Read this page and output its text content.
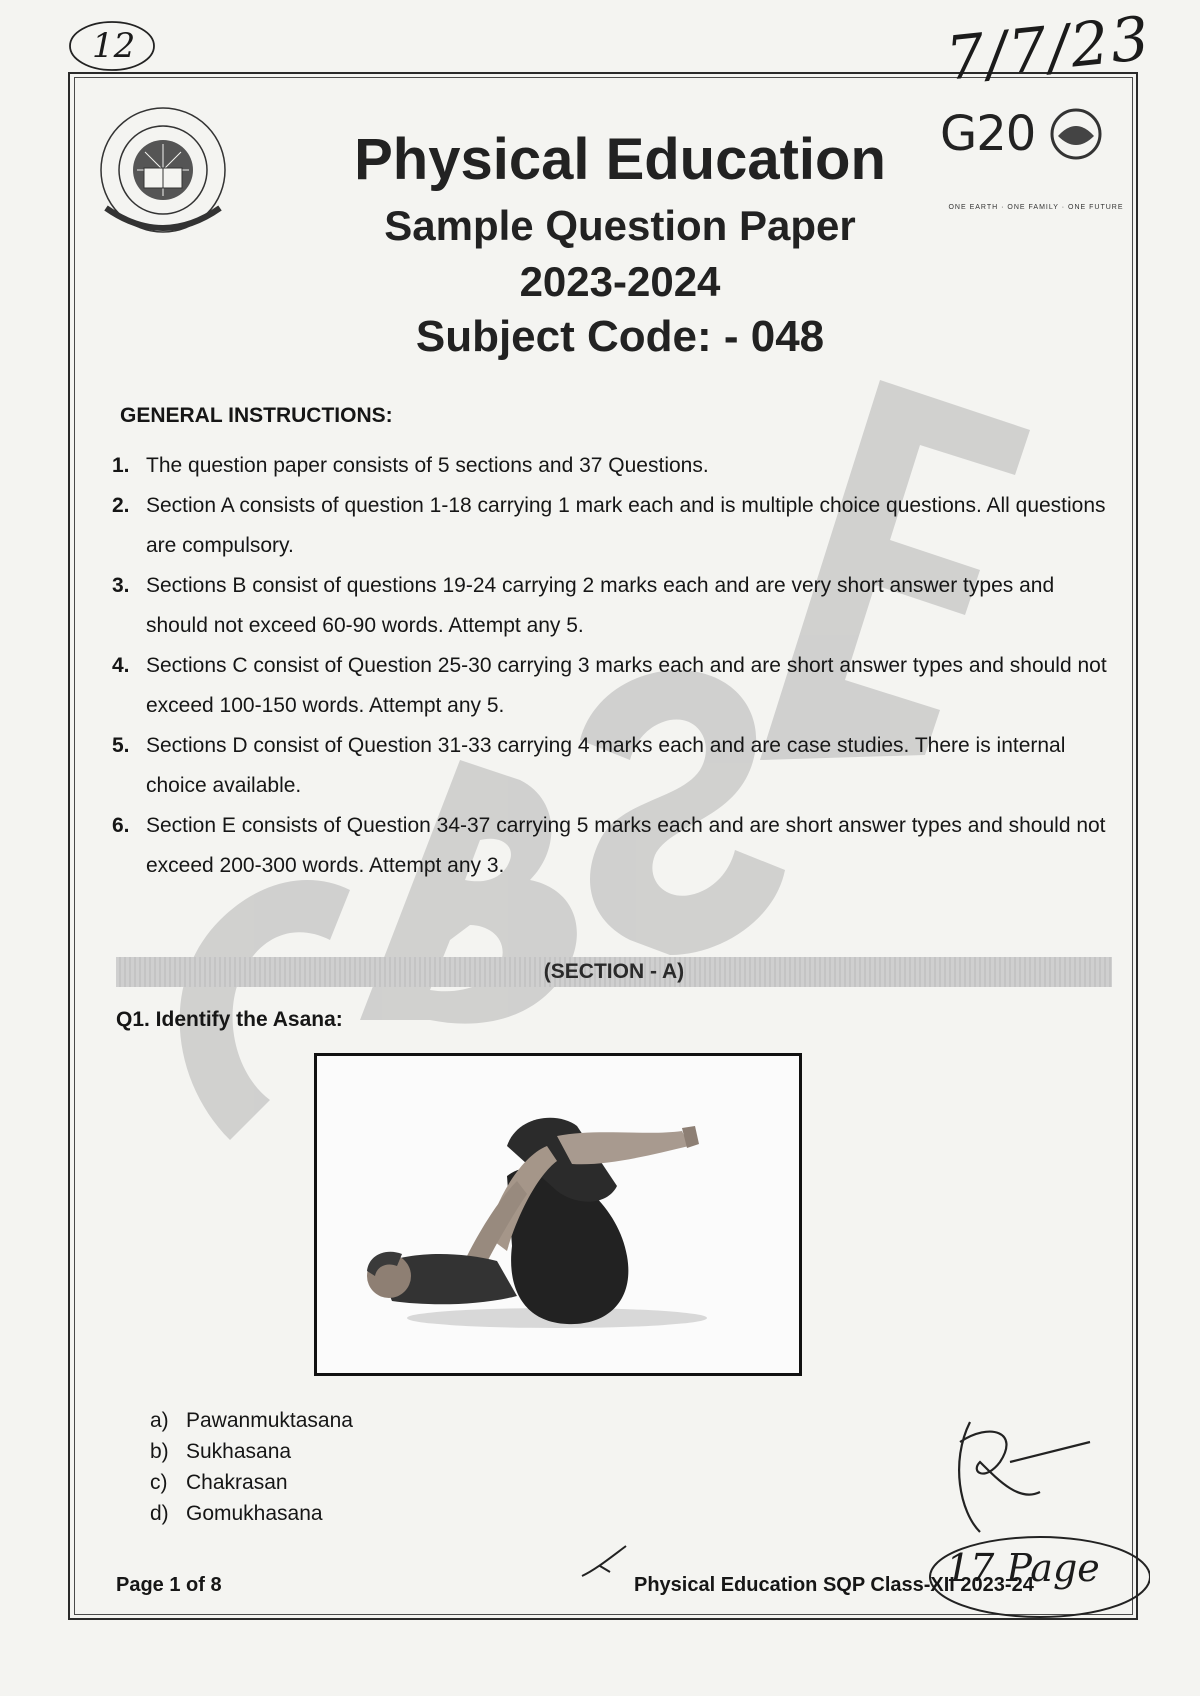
12	7/7/23
G20
ONE EARTH · ONE FAMILY · ONE FUTURE
Physical Education
Sample Question Paper
2023-2024
Subject Code: - 048
GENERAL INSTRUCTIONS:
1. The question paper consists of 5 sections and 37 Questions.
2. Section A consists of question 1-18 carrying 1 mark each and is multiple choice questions. All questions are compulsory.
3. Sections B consist of questions 19-24 carrying 2 marks each and are very short answer types and should not exceed 60-90 words. Attempt any 5.
4. Sections C consist of Question 25-30 carrying 3 marks each and are short answer types and should not exceed 100-150 words. Attempt any 5.
5. Sections D consist of Question 31-33 carrying 4 marks each and are case studies. There is internal choice available.
6. Section E consists of Question 34-37 carrying 5 marks each and are short answer types and should not exceed 200-300 words. Attempt any 3.
(SECTION - A)

Q1. Identify the Asana:

a) Pawanmuktasana
b) Sukhasana
c) Chakrasan
d) Gomukhasana
17 Page
Page 1 of 8	Physical Education SQP Class-XII 2023-24
